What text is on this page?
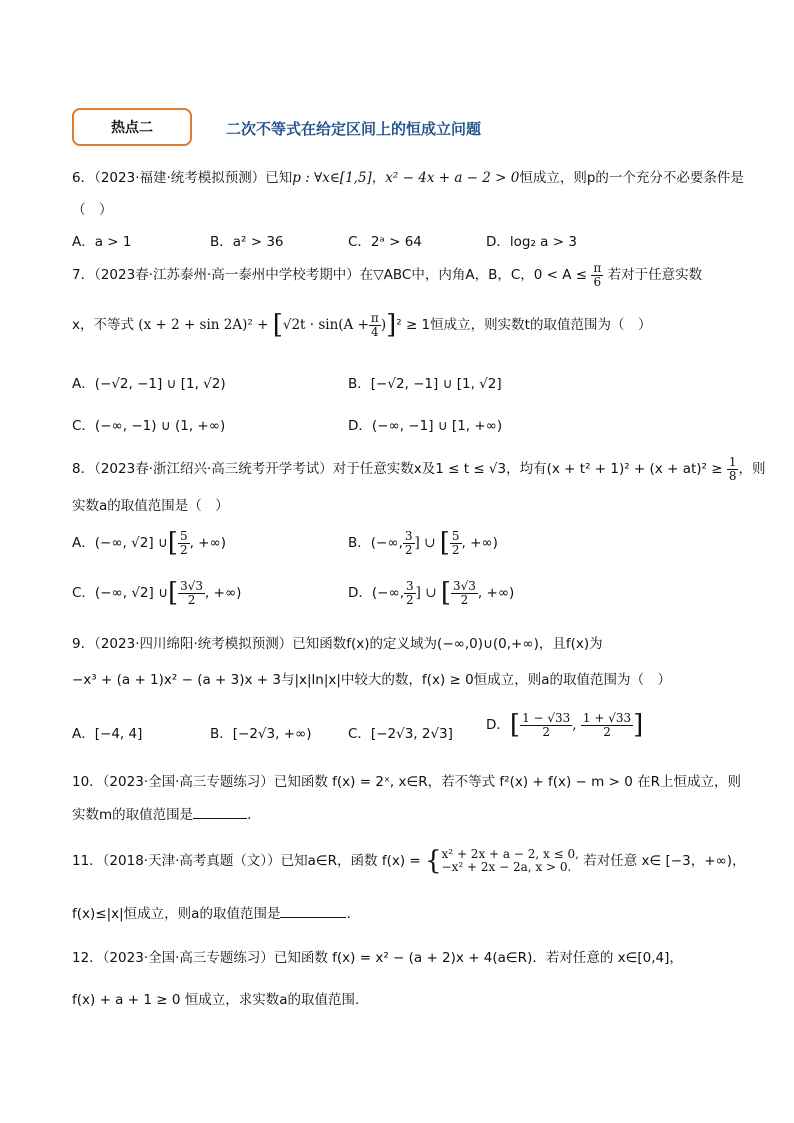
热点二	二次不等式在给定区间上的恒成立问题
6．（2023·福建·统考模拟预测）已知p : ∀x∈[1,5]，x² − 4x + a − 2 > 0恒成立，则p的一个充分不必要条件是
（　）
A．a > 1	B．a² > 36	C．2ᵃ > 64	D．log₂ a > 3
7．（2023春·江苏泰州·高一泰州中学校考期中）在▽ABC中，内角A，B，C，$0 < A \le \frac{\pi}{6}$ 若对于任意实数
x，不等式 $(x + 2 + \sin 2A)^2 + [√2t \cdot \sin(A + \frac{\pi}{4} )]^2 \ge 1$恒成立，则实数t的取值范围为（　）
A．(−√2, −1] ∪ [1, √2)	B．[−√2, −1] ∪ [1, √2]
C．(−∞, −1) ∪ (1, +∞)	D．(−∞, −1] ∪ [1, +∞)
8．（2023春·浙江绍兴·高三统考开学考试）对于任意实数x及1 ≤ t ≤ √3，均有$(x + t^2 + 1)^2 + (x + at)^2 \ge \frac{1}{8}$ ，则
实数a的取值范围是（　）
A．(−∞, √2] ∪[ $\frac{5}{2}$ , +∞)	B．(−∞, $\frac{3}{2}$ ] ∪ [ $\frac{5}{2}$ , +∞)
C．(−∞, √2] ∪[ $\frac{3√3}{2}$ , +∞)	D．(−∞, $\frac{3}{2}$ ] ∪ [ $\frac{3√3}{2}$ , +∞)
9．（2023·四川绵阳·统考模拟预测）已知函数f(x)的定义域为(−∞,0)∪(0,+∞)，且f(x)为
−x³ + (a + 1)x² − (a + 3)x + 3与|x|ln|x|中较大的数，f(x) ≥ 0恒成立，则a的取值范围为（　）
A．[−4, 4]	B．[−2√3, +∞)	C．[−2√3, 2√3]
D．[ $\frac{1 - √33}{2}$ , $\frac{1 + √33}{2}$ ]
10．（2023·全国·高三专题练习）已知函数 f(x) = 2ˣ, x∈R，若不等式 f²(x) + f(x) − m > 0 在R上恒成立，则
实数m的取值范围是	.
11．（2018·天津·高考真题（文））已知a∈R，函数 f(x) = { x² + 2x + a − 2, x ≤ 0,
−x² + 2x − 2a, x > 0. 若对任意 x∈ [−3，+∞)，
f(x)≤|x|恒成立，则a的取值范围是	.
12．（2023·全国·高三专题练习）已知函数 f(x) = x² − (a + 2)x + 4(a∈R)．若对任意的 x∈[0,4]，
f(x) + a + 1 ≥ 0 恒成立，求实数a的取值范围.
